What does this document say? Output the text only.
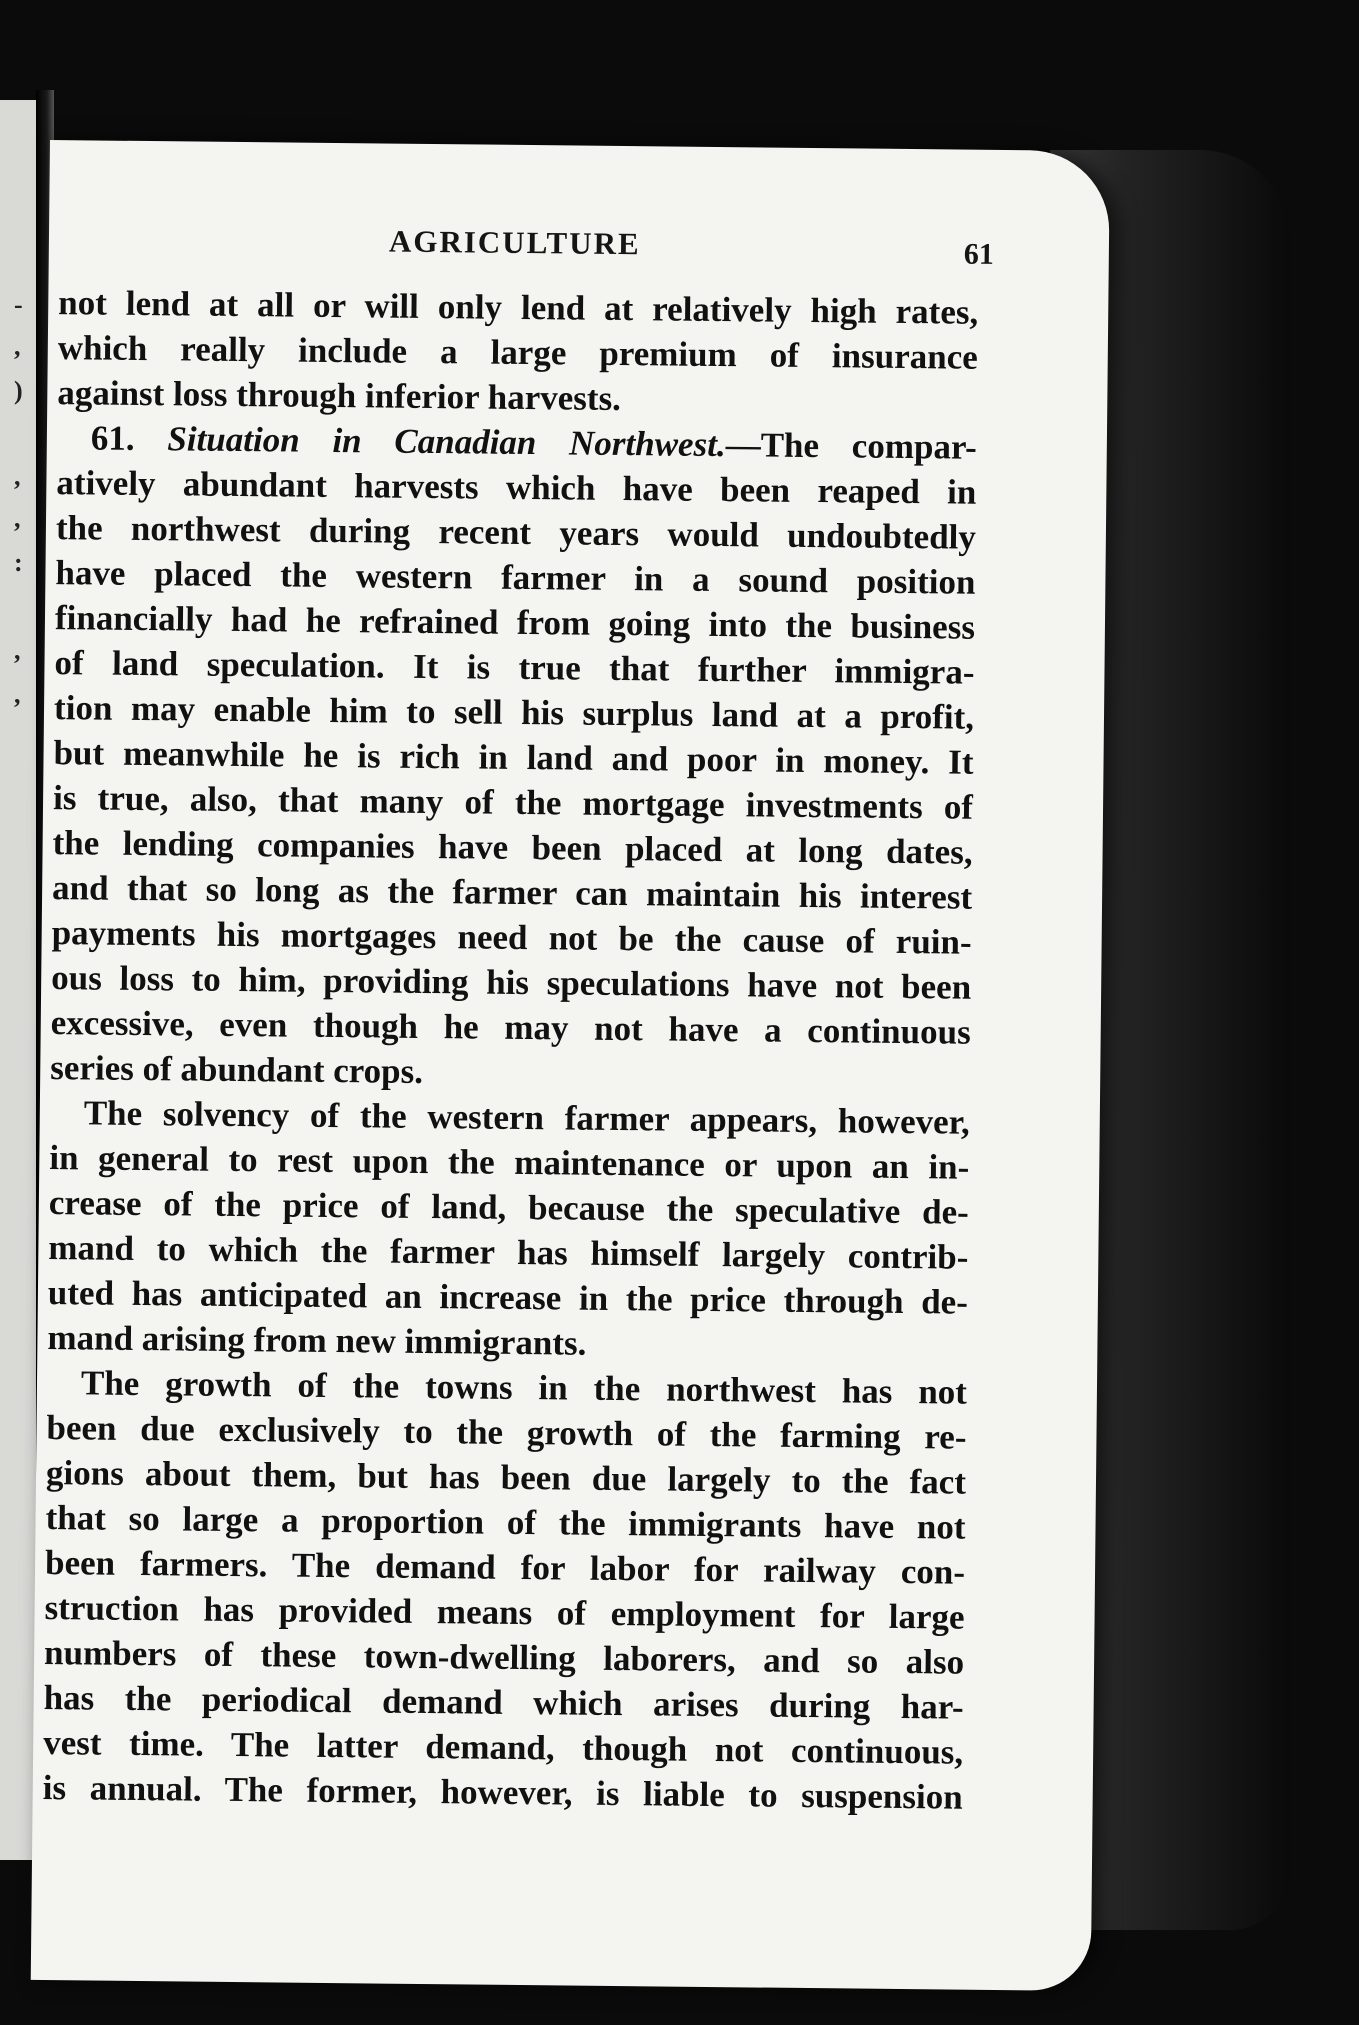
-
,
)
,
,
:
,
,
AGRICULTURE	61
not lend at all or will only lend at relatively high rates,
which really include a large premium of insurance
against loss through inferior harvests.
61. Situation in Canadian Northwest.—The compar-
atively abundant harvests which have been reaped in
the northwest during recent years would undoubtedly
have placed the western farmer in a sound position
financially had he refrained from going into the business
of land speculation. It is true that further immigra-
tion may enable him to sell his surplus land at a profit,
but meanwhile he is rich in land and poor in money. It
is true, also, that many of the mortgage investments of
the lending companies have been placed at long dates,
and that so long as the farmer can maintain his interest
payments his mortgages need not be the cause of ruin-
ous loss to him, providing his speculations have not been
excessive, even though he may not have a continuous
series of abundant crops.
The solvency of the western farmer appears, however,
in general to rest upon the maintenance or upon an in-
crease of the price of land, because the speculative de-
mand to which the farmer has himself largely contrib-
uted has anticipated an increase in the price through de-
mand arising from new immigrants.
The growth of the towns in the northwest has not
been due exclusively to the growth of the farming re-
gions about them, but has been due largely to the fact
that so large a proportion of the immigrants have not
been farmers. The demand for labor for railway con-
struction has provided means of employment for large
numbers of these town-dwelling laborers, and so also
has the periodical demand which arises during har-
vest time. The latter demand, though not continuous,
is annual. The former, however, is liable to suspension
